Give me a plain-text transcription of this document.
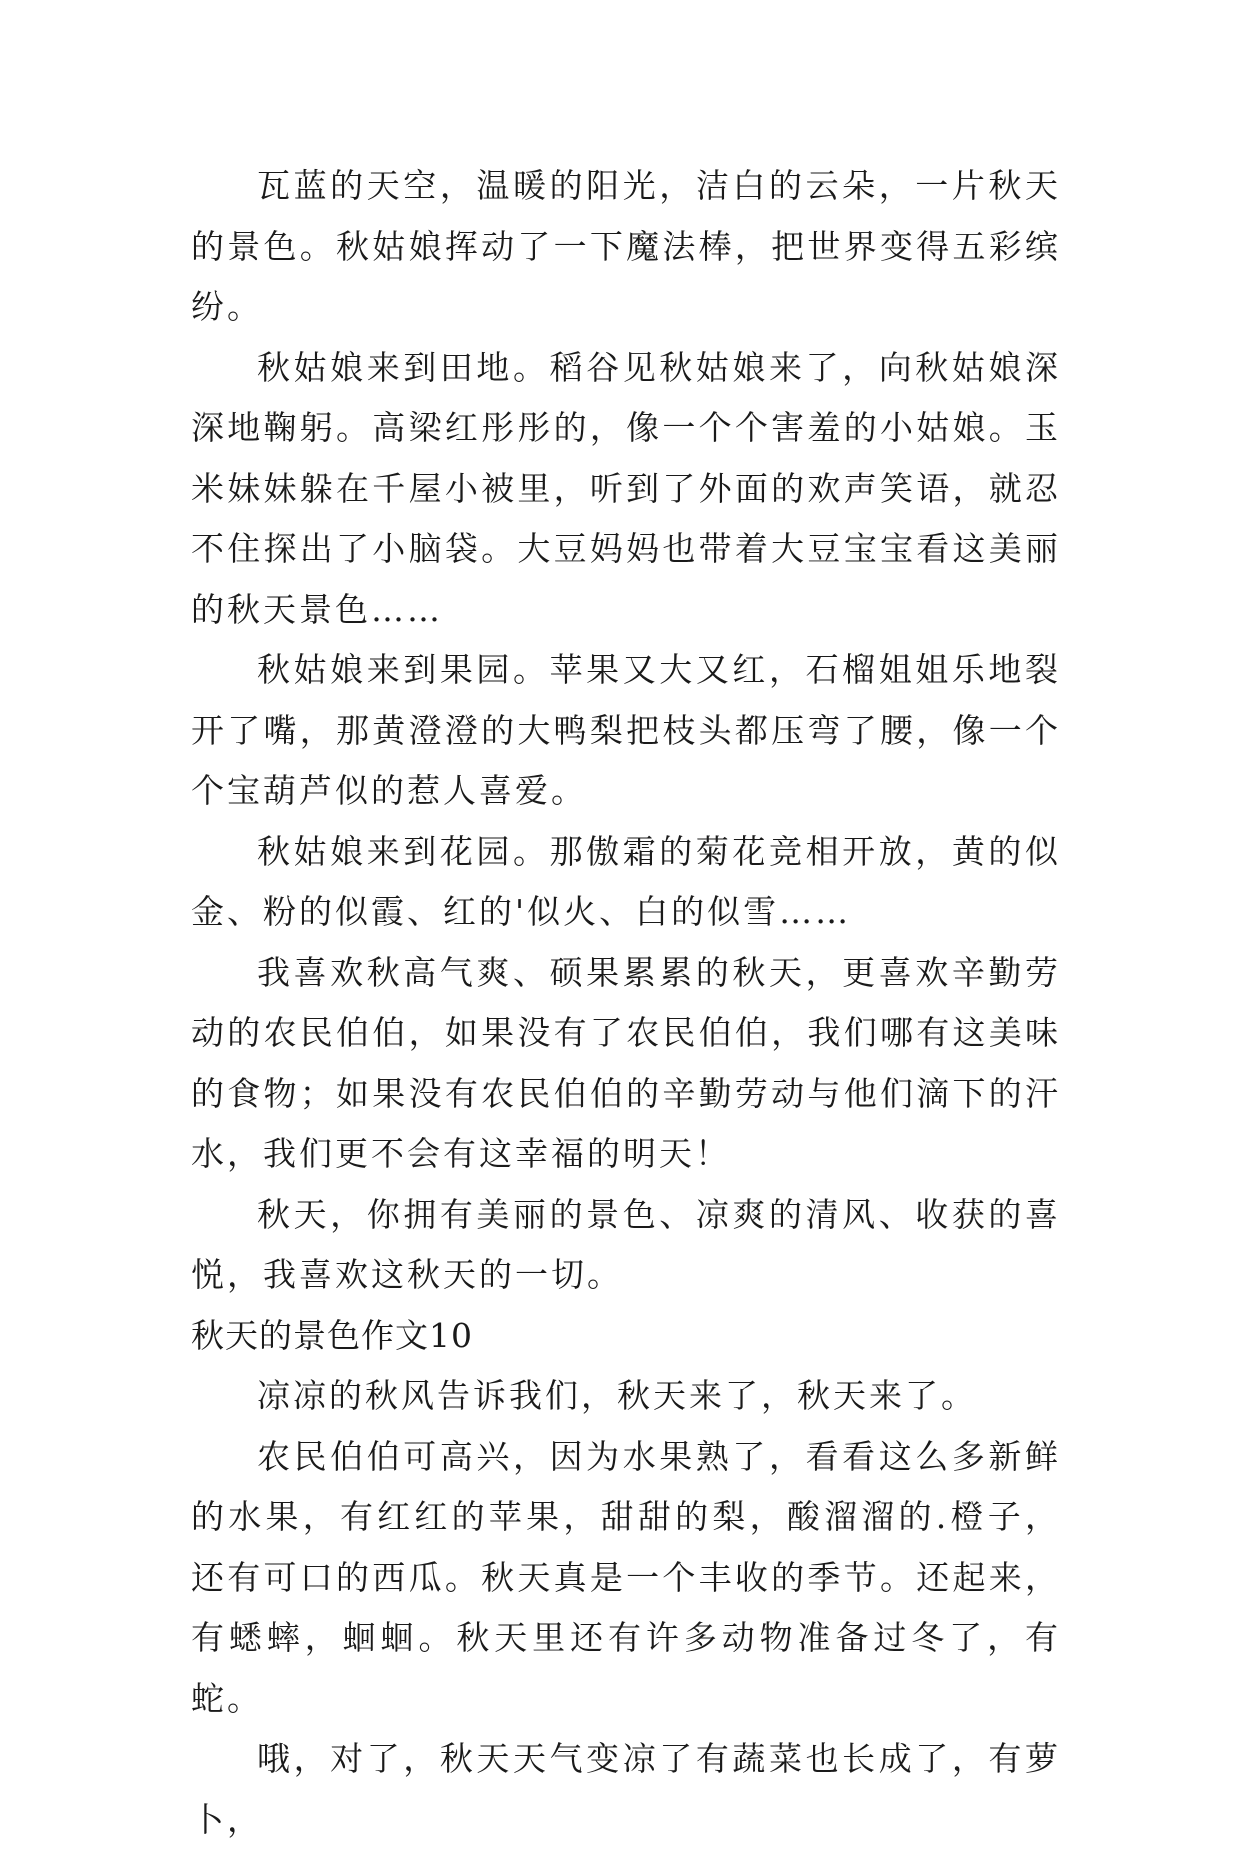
瓦蓝的天空，温暖的阳光，洁白的云朵，一片秋天的景色。秋姑娘挥动了一下魔法棒，把世界变得五彩缤纷。

秋姑娘来到田地。稻谷见秋姑娘来了，向秋姑娘深深地鞠躬。高梁红彤彤的，像一个个害羞的小姑娘。玉米妹妹躲在千屋小被里，听到了外面的欢声笑语，就忍不住探出了小脑袋。大豆妈妈也带着大豆宝宝看这美丽的秋天景色……

秋姑娘来到果园。苹果又大又红，石榴姐姐乐地裂开了嘴，那黄澄澄的大鸭梨把枝头都压弯了腰，像一个个宝葫芦似的惹人喜爱。

秋姑娘来到花园。那傲霜的菊花竞相开放，黄的似金、粉的似霞、红的'似火、白的似雪……

我喜欢秋高气爽、硕果累累的秋天，更喜欢辛勤劳动的农民伯伯，如果没有了农民伯伯，我们哪有这美味的食物；如果没有农民伯伯的辛勤劳动与他们滴下的汗水，我们更不会有这幸福的明天！

秋天，你拥有美丽的景色、凉爽的清风、收获的喜悦，我喜欢这秋天的一切。

秋天的景色作文10

凉凉的秋风告诉我们，秋天来了，秋天来了。

农民伯伯可高兴，因为水果熟了，看看这么多新鲜的水果，有红红的苹果，甜甜的梨，酸溜溜的.橙子，还有可口的西瓜。秋天真是一个丰收的季节。还起来，有蟋蟀，蛔蛔。秋天里还有许多动物准备过冬了，有蛇。

哦，对了，秋天天气变凉了有蔬菜也长成了，有萝卜，
